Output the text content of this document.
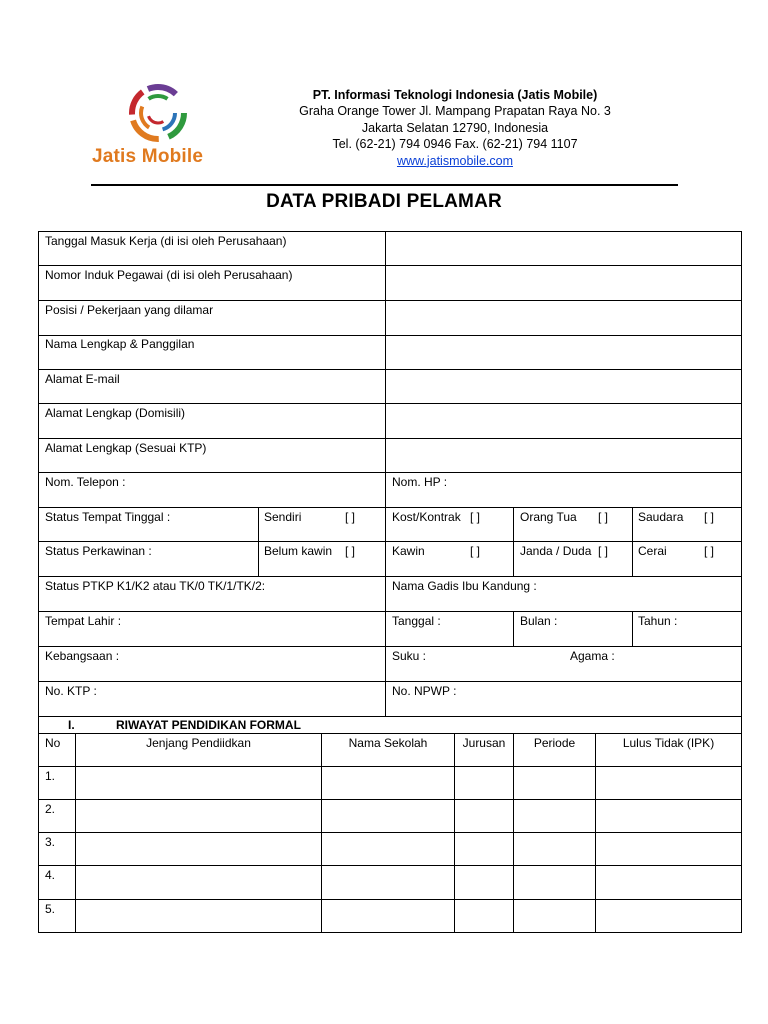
Jatis Mobile
PT. Informasi Teknologi Indonesia (Jatis Mobile)
Graha Orange Tower Jl. Mampang Prapatan Raya No. 3
Jakarta Selatan 12790, Indonesia
Tel. (62-21) 794 0946 Fax. (62-21) 794 1107
www.jatismobile.com
DATA PRIBADI PELAMAR
Tanggal Masuk Kerja (di isi oleh Perusahaan)
Nomor Induk Pegawai (di isi oleh Perusahaan)
Posisi / Pekerjaan yang dilamar
Nama Lengkap & Panggilan
Alamat E-mail
Alamat Lengkap (Domisili)
Alamat Lengkap (Sesuai KTP)
Nom. Telepon :	Nom. HP :
Status Tempat Tinggal :	Sendiri	[ ]	Kost/Kontrak [ ]	Orang Tua [ ] Saudara [ ]
Status Perkawinan :	Belum kawin [ ]	Kawin	[ ]	Janda / Duda [ ] Cerai	[ ]
Status PTKP K1/K2 atau TK/0 TK/1/TK/2:	Nama Gadis Ibu Kandung :
Tempat Lahir :	Tanggal :	Bulan :	Tahun :
Kebangsaan :	Suku :	Agama :
No. KTP :	No. NPWP :
I.	RIWAYAT PENDIDIKAN FORMAL
No	Jenjang Pendiidkan	Nama Sekolah	Jurusan	Periode	Lulus Tidak (IPK)
1.
2.
3.
4.
5.
